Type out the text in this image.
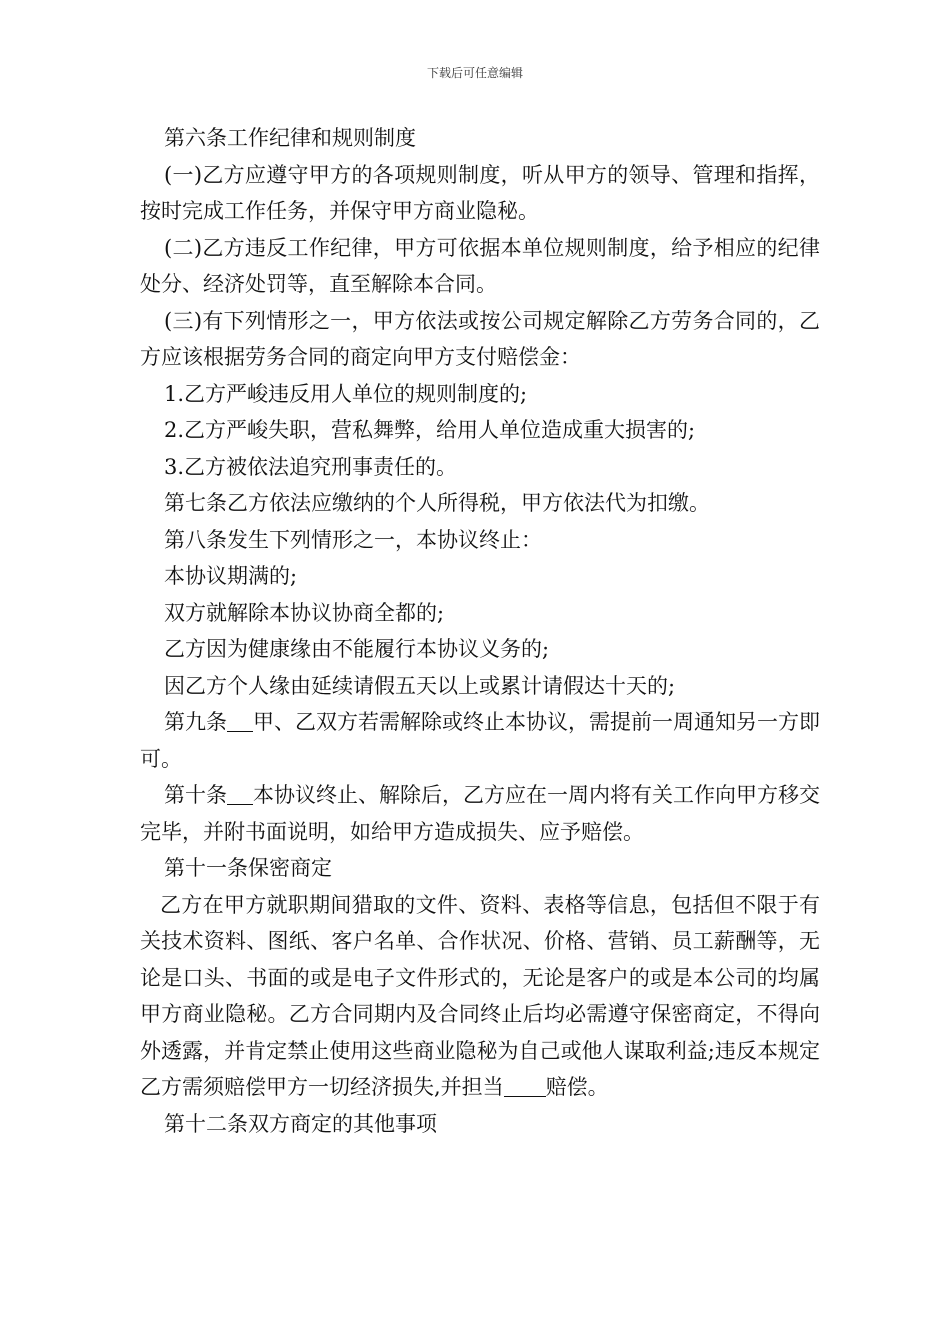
下载后可任意编辑

第六条工作纪律和规则制度

(一)乙方应遵守甲方的各项规则制度，听从甲方的领导、管理和指挥，按时完成工作任务，并保守甲方商业隐秘。

(二)乙方违反工作纪律，甲方可依据本单位规则制度，给予相应的纪律处分、经济处罚等，直至解除本合同。

(三)有下列情形之一，甲方依法或按公司规定解除乙方劳务合同的，乙方应该根据劳务合同的商定向甲方支付赔偿金：

1.乙方严峻违反用人单位的规则制度的;

2.乙方严峻失职，营私舞弊，给用人单位造成重大损害的;

3.乙方被依法追究刑事责任的。

第七条乙方依法应缴纳的个人所得税，甲方依法代为扣缴。

第八条发生下列情形之一，本协议终止：

本协议期满的;

双方就解除本协议协商全都的;

乙方因为健康缘由不能履行本协议义务的;

因乙方个人缘由延续请假五天以上或累计请假达十天的;

第九条 甲、乙双方若需解除或终止本协议，需提前一周通知另一方即可。

第十条 本协议终止、解除后，乙方应在一周内将有关工作向甲方移交完毕，并附书面说明，如给甲方造成损失、应予赔偿。

第十一条保密商定

乙方在甲方就职期间猎取的文件、资料、表格等信息，包括但不限于有关技术资料、图纸、客户名单、合作状况、价格、营销、员工薪酬等，无论是口头、书面的或是电子文件形式的，无论是客户的或是本公司的均属甲方商业隐秘。乙方合同期内及合同终止后均必需遵守保密商定，不得向外透露，并肯定禁止使用这些商业隐秘为自己或他人谋取利益;违反本规定乙方需须赔偿甲方一切经济损失,并担当 赔偿。

第十二条双方商定的其他事项
